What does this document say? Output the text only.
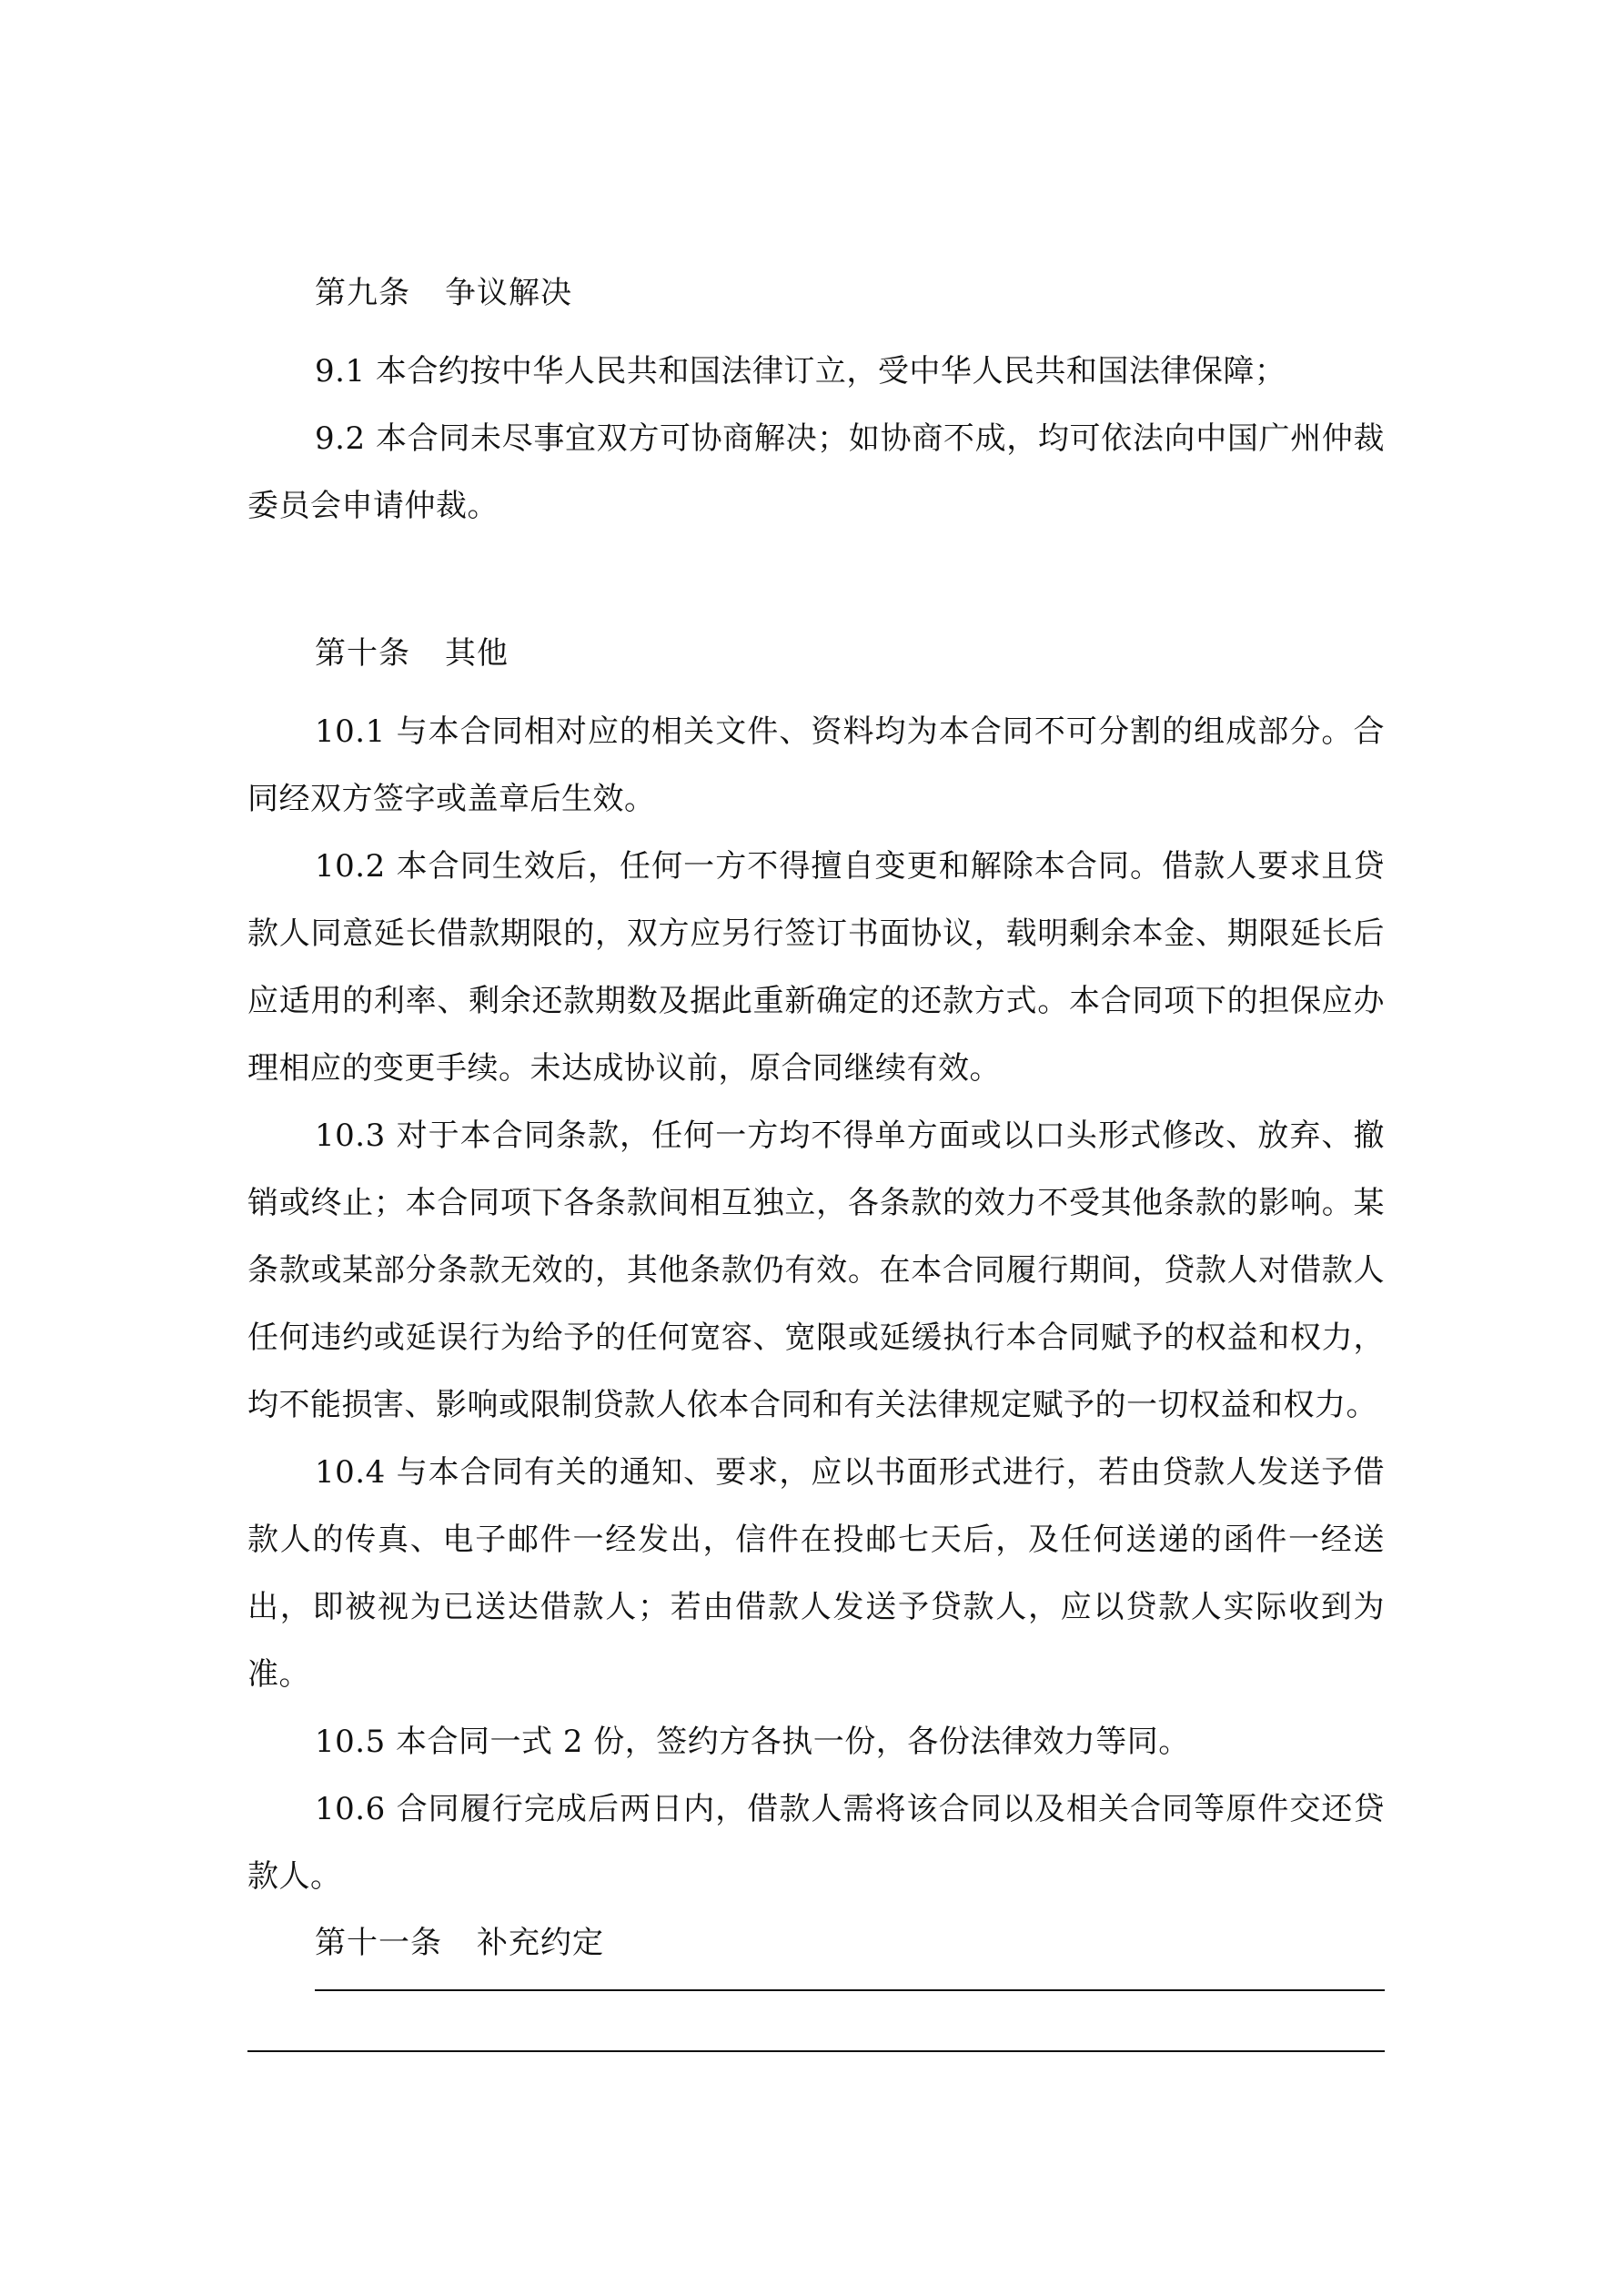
第九条 争议解决

9.1 本合约按中华人民共和国法律订立，受中华人民共和国法律保障；

9.2 本合同未尽事宜双方可协商解决；如协商不成，均可依法向中国广州仲裁委员会申请仲裁。

第十条 其他

10.1 与本合同相对应的相关文件、资料均为本合同不可分割的组成部分。合同经双方签字或盖章后生效。

10.2 本合同生效后，任何一方不得擅自变更和解除本合同。借款人要求且贷款人同意延长借款期限的，双方应另行签订书面协议，载明剩余本金、期限延长后应适用的利率、剩余还款期数及据此重新确定的还款方式。本合同项下的担保应办理相应的变更手续。未达成协议前，原合同继续有效。

10.3 对于本合同条款，任何一方均不得单方面或以口头形式修改、放弃、撤销或终止；本合同项下各条款间相互独立，各条款的效力不受其他条款的影响。某条款或某部分条款无效的，其他条款仍有效。在本合同履行期间，贷款人对借款人任何违约或延误行为给予的任何宽容、宽限或延缓执行本合同赋予的权益和权力，均不能损害、影响或限制贷款人依本合同和有关法律规定赋予的一切权益和权力。

10.4 与本合同有关的通知、要求，应以书面形式进行，若由贷款人发送予借款人的传真、电子邮件一经发出，信件在投邮七天后，及任何送递的函件一经送出，即被视为已送达借款人；若由借款人发送予贷款人，应以贷款人实际收到为准。

10.5 本合同一式 2 份，签约方各执一份，各份法律效力等同。

10.6 合同履行完成后两日内，借款人需将该合同以及相关合同等原件交还贷款人。

第十一条 补充约定
